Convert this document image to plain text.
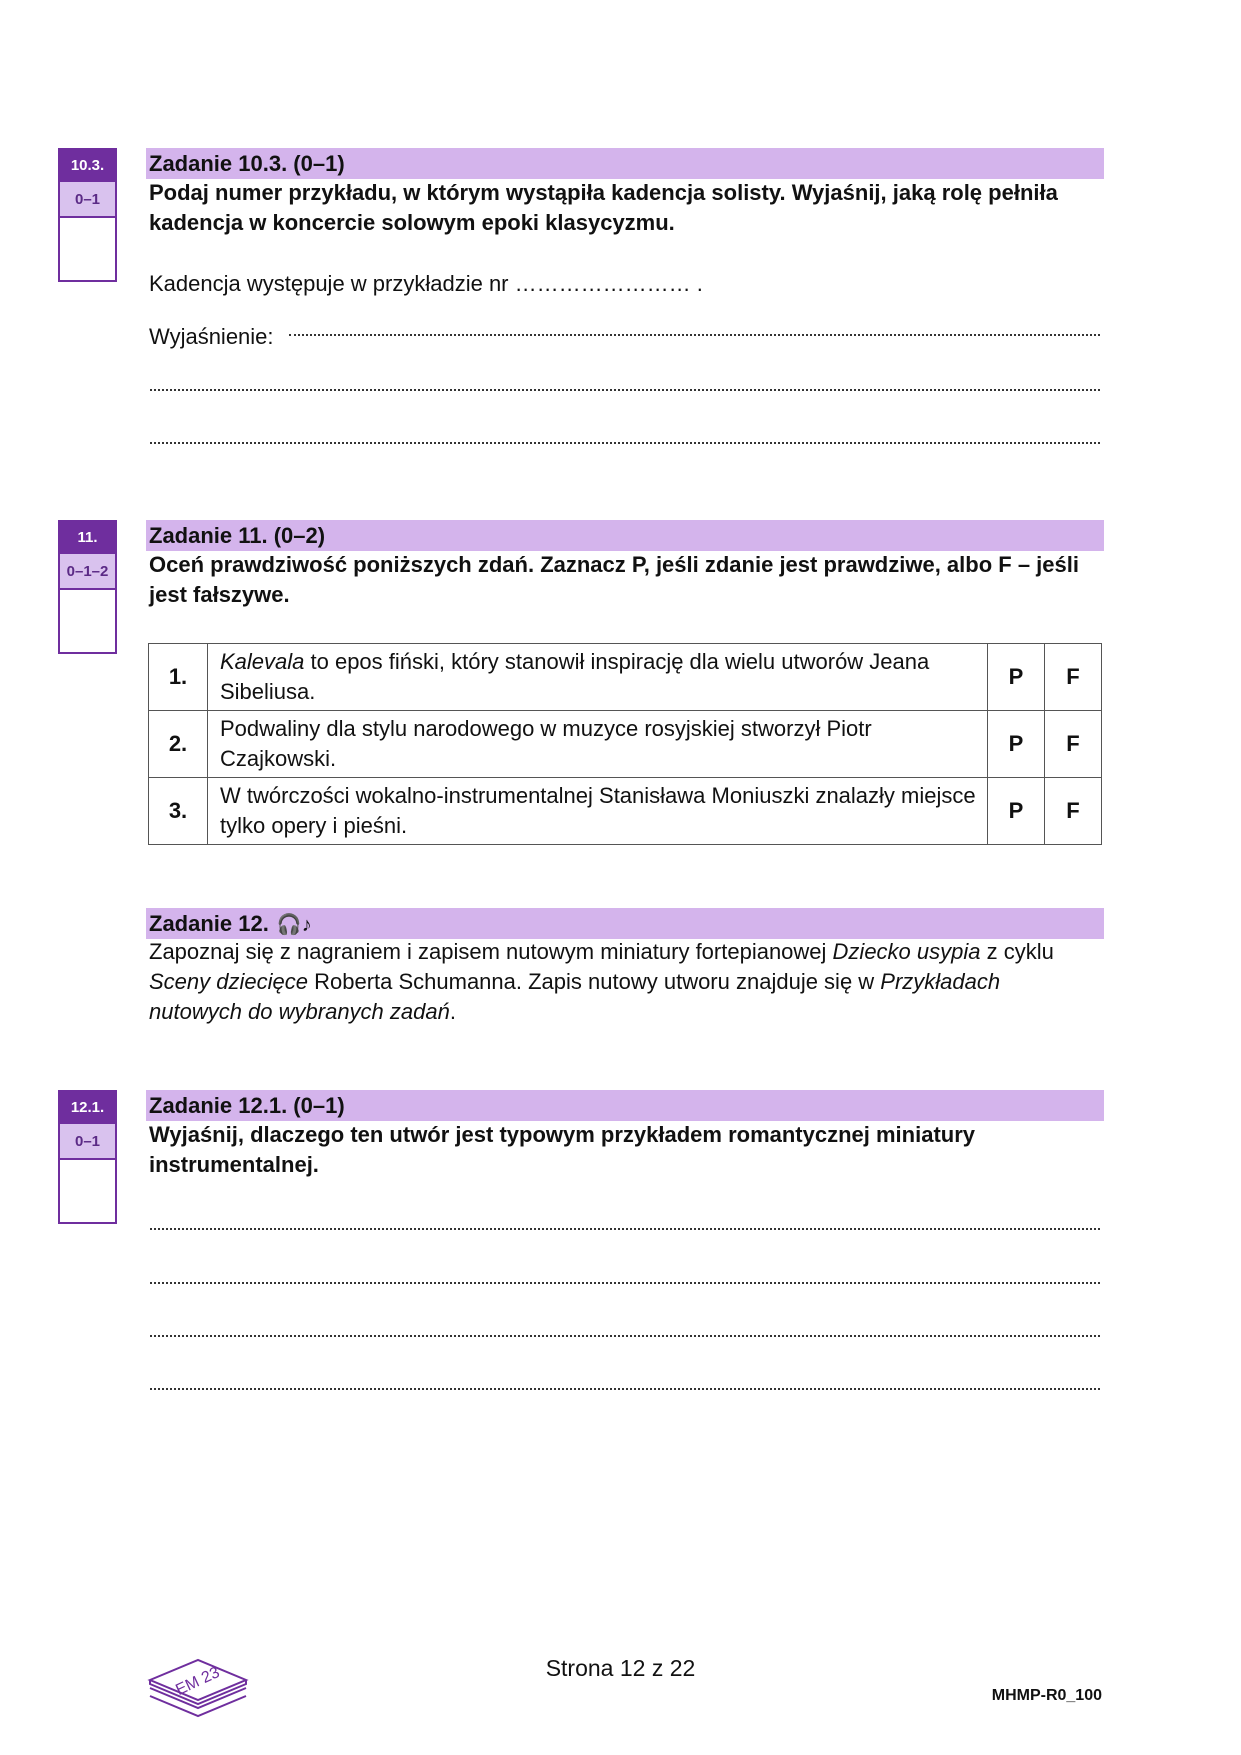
10.3.
0–1
Zadanie 10.3. (0–1)
Podaj numer przykładu, w którym wystąpiła kadencja solisty. Wyjaśnij, jaką rolę pełniła kadencja w koncercie solowym epoki klasycyzmu.
Kadencja występuje w przykładzie nr …………………… .
Wyjaśnienie:
11.
0–1–2
Zadanie 11. (0–2)
Oceń prawdziwość poniższych zdań. Zaznacz P, jeśli zdanie jest prawdziwe, albo F – jeśli jest fałszywe.
1.	Kalevala to epos fiński, który stanowił inspirację dla wielu utworów Jeana Sibeliusa.	P	F
2.	Podwaliny dla stylu narodowego w muzyce rosyjskiej stworzył Piotr Czajkowski.	P	F
3.	W twórczości wokalno-instrumentalnej Stanisława Moniuszki znalazły miejsce tylko opery i pieśni.	P	F
Zadanie 12. 🎧♪
Zapoznaj się z nagraniem i zapisem nutowym miniatury fortepianowej Dziecko usypia z cyklu Sceny dziecięce Roberta Schumanna. Zapis nutowy utworu znajduje się w Przykładach nutowych do wybranych zadań.
12.1.
0–1
Zadanie 12.1. (0–1)
Wyjaśnij, dlaczego ten utwór jest typowym przykładem romantycznej miniatury instrumentalnej.
EM 23	Strona 12 z 22
MHMP-R0_100
